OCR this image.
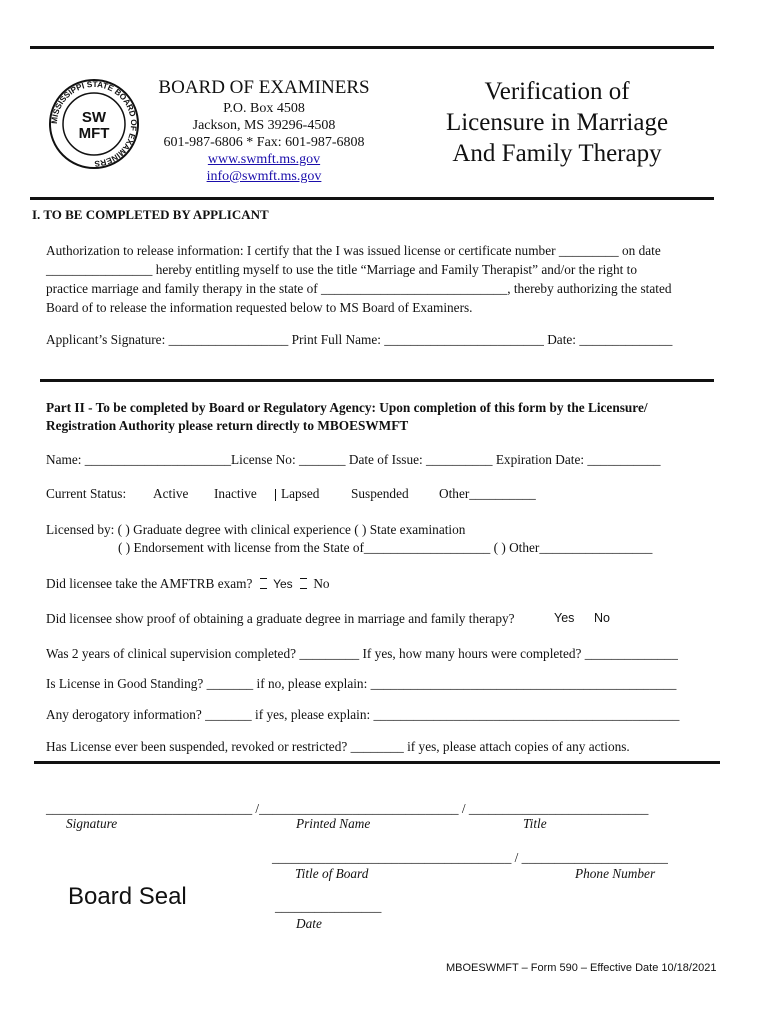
MISSISSIPPI STATE BOARD OF EXAMINERS
SW
MFT
BOARD OF EXAMINERS
P.O. Box 4508
Jackson, MS 39296-4508
601-987-6806 * Fax: 601-987-6808
www.swmft.ms.gov
info@swmft.ms.gov
Verification of
Licensure in Marriage
And Family Therapy
I. TO BE COMPLETED BY APPLICANT
Authorization to release information: I certify that the I was issued license or certificate number _________ on date
________________ hereby entitling myself to use the title “Marriage and Family Therapist” and/or the right to
practice marriage and family therapy in the state of ____________________________, thereby authorizing the stated
Board of to release the information requested below to MS Board of Examiners.
Applicant’s Signature: __________________ Print Full Name: ________________________ Date: ______________
Part II - To be completed by Board or Regulatory Agency: Upon completion of this form by the Licensure/
Registration Authority please return directly to MBOESWMFT
Name: ______________________License No: _______ Date of Issue: __________ Expiration Date: ___________
Current Status: Active Inactive Lapsed Suspended Other__________
Licensed by: ( ) Graduate degree with clinical experience ( ) State examination
( ) Endorsement with license from the State of___________________ ( ) Other_________________
Did licensee take the AMFTRB exam? Yes No
Did licensee show proof of obtaining a graduate degree in marriage and family therapy?	Yes No
Was 2 years of clinical supervision completed? _________ If yes, how many hours were completed? ______________
Is License in Good Standing? _______ if no, please explain: ______________________________________________
Any derogatory information? _______ if yes, please explain: ______________________________________________
Has License ever been suspended, revoked or restricted? ________ if yes, please attach copies of any actions.
_______________________________ /______________________________ / ___________________________
Signature	Printed Name	Title
____________________________________ / ______________________
Title of Board	Phone Number
Board Seal	________________
Date
MBOESWMFT – Form 590 – Effective Date 10/18/2021
